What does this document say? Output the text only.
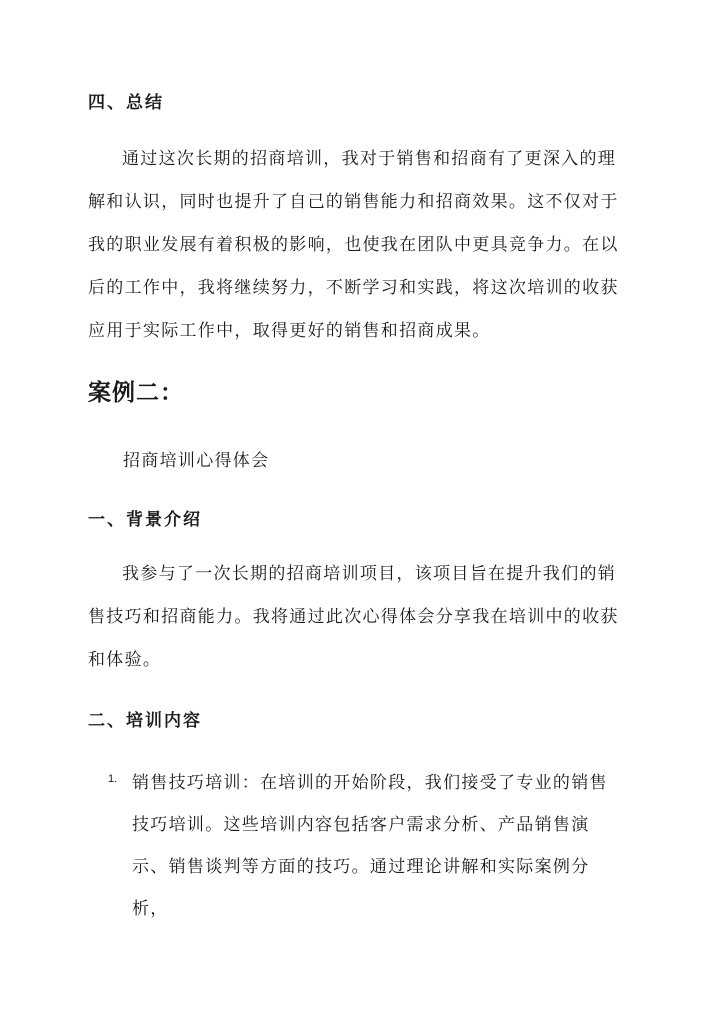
四、总结

通过这次长期的招商培训，我对于销售和招商有了更深入的理解和认识，同时也提升了自己的销售能力和招商效果。这不仅对于我的职业发展有着积极的影响，也使我在团队中更具竞争力。在以后的工作中，我将继续努力，不断学习和实践，将这次培训的收获应用于实际工作中，取得更好的销售和招商成果。

案例二：

招商培训心得体会

一、背景介绍

我参与了一次长期的招商培训项目，该项目旨在提升我们的销售技巧和招商能力。我将通过此次心得体会分享我在培训中的收获和体验。

二、培训内容
1. 销售技巧培训：在培训的开始阶段，我们接受了专业的销售技巧培训。这些培训内容包括客户需求分析、产品销售演示、销售谈判等方面的技巧。通过理论讲解和实际案例分析，
